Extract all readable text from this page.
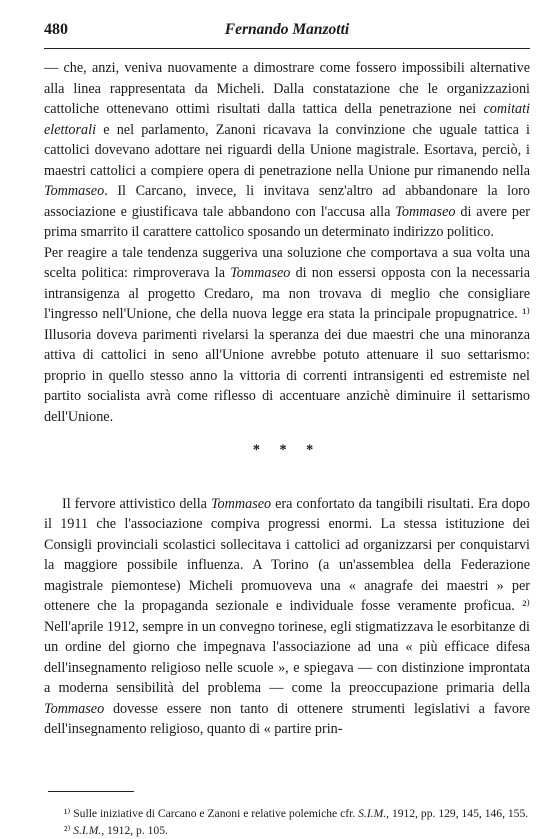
480	Fernando Manzotti

— che, anzi, veniva nuovamente a dimostrare come fossero impossibili alternative alla linea rappresentata da Micheli. Dalla constatazione che le organizzazioni cattoliche ottenevano ottimi risultati dalla tattica della penetrazione nei comitati elettorali e nel parlamento, Zanoni ricavava la convinzione che uguale tattica i cattolici dovevano adottare nei riguardi della Unione magistrale. Esortava, perciò, i maestri cattolici a compiere opera di penetrazione nella Unione pur rimanendo nella Tommaseo. Il Carcano, invece, li invitava senz'altro ad abbandonare la loro associazione e giustificava tale abbandono con l'accusa alla Tommaseo di avere per prima smarrito il carattere cattolico sposando un determinato indirizzo politico.

Per reagire a tale tendenza suggeriva una soluzione che comportava a sua volta una scelta politica: rimproverava la Tommaseo di non essersi opposta con la necessaria intransigenza al progetto Credaro, ma non trovava di meglio che consigliare l'ingresso nell'Unione, che della nuova legge era stata la principale propugnatrice. ¹⁾ Illusoria doveva parimenti rivelarsi la speranza dei due maestri che una minoranza attiva di cattolici in seno all'Unione avrebbe potuto attenuare il suo settarismo: proprio in quello stesso anno la vittoria di correnti intransigenti ed estremiste nel partito socialista avrà come riflesso di accentuare anzichè diminuire il settarismo dell'Unione.

* * *

Il fervore attivistico della Tommaseo era confortato da tangibili risultati. Era dopo il 1911 che l'associazione compiva progressi enormi. La stessa istituzione dei Consigli provinciali scolastici sollecitava i cattolici ad organizzarsi per conquistarvi la maggiore possibile influenza. A Torino (a un'assemblea della Federazione magistrale piemontese) Micheli promuoveva una « anagrafe dei maestri » per ottenere che la propaganda sezionale e individuale fosse veramente proficua. ²⁾ Nell'aprile 1912, sempre in un convegno torinese, egli stigmatizzava le esorbitanze di un ordine del giorno che impegnava l'associazione ad una « più efficace difesa dell'insegnamento religioso nelle scuole », e spiegava — con distinzione improntata a moderna sensibilità del problema — come la preoccupazione primaria della Tommaseo dovesse essere non tanto di ottenere strumenti legislativi a favore dell'insegnamento religioso, quanto di « partire prin-

¹⁾ Sulle iniziative di Carcano e Zanoni e relative polemiche cfr. S.I.M., 1912, pp. 129, 145, 146, 155.

²⁾ S.I.M., 1912, p. 105.
